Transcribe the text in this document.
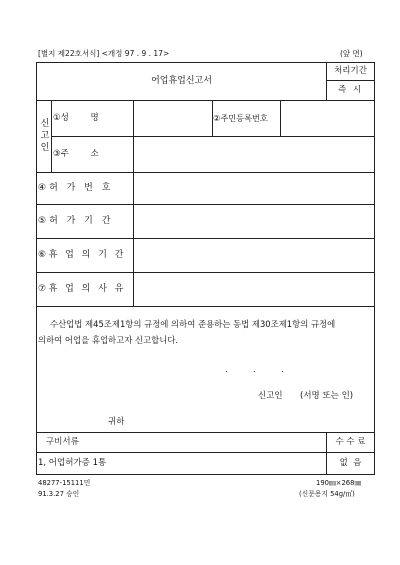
[별지 제22호서식] <개정 97 . 9 . 17>	(앞 면)
어업휴업신고서
처리기간
즉 시
신고인
①성        명	②주민등록번호
③주        소
④허 가 번 호
⑤허 가 기 간
⑥휴 업 의 기 간
⑦휴 업 의 사 유
수산업법 제45조제1항의 규정에 의하여 준용하는 동법 제30조제1항의 규정에
의하여 어업을 휴업하고자 신고합니다.
.          .          .
신고인 (서명 또는 인)
귀하
구비서류
1, 어업허가증 1통
수 수 료
없  음
48277-15111민
91.3.27 승인
190㎜×268㎜
(신문용지 54g/㎡)
